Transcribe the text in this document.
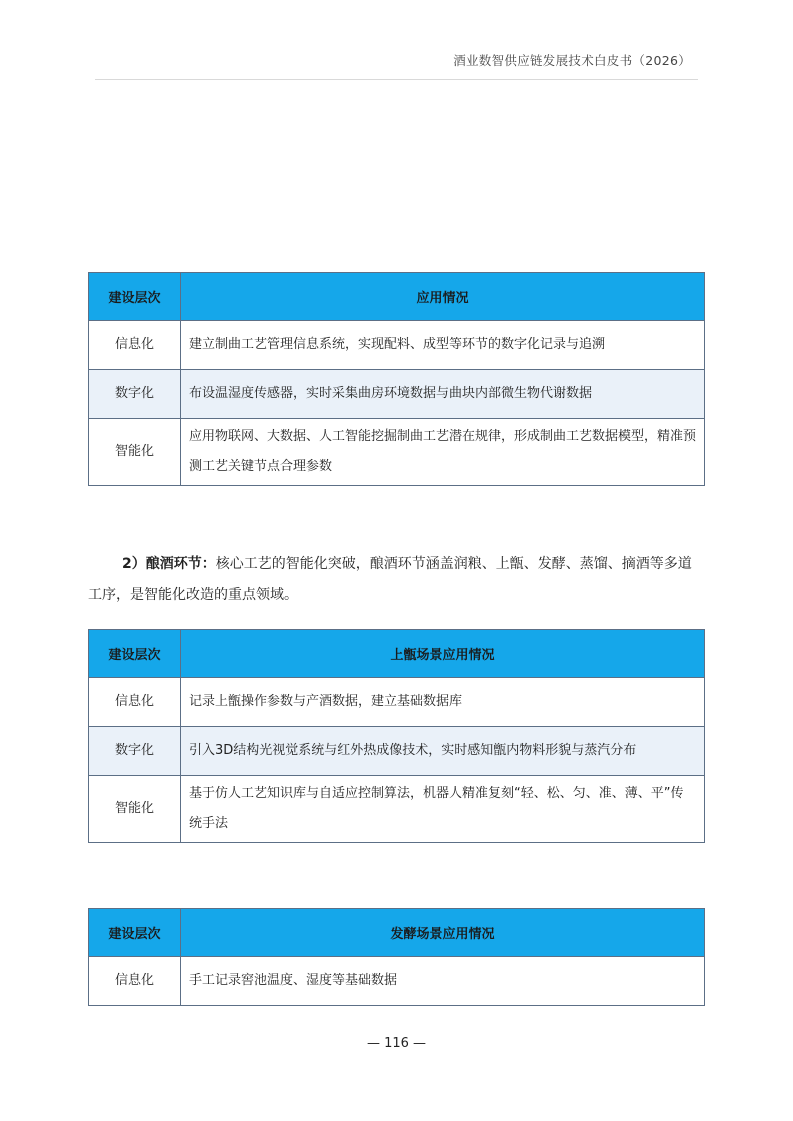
酒业数智供应链发展技术白皮书（2026）
建设层次	应用情况
信息化	建立制曲工艺管理信息系统，实现配料、成型等环节的数字化记录与追溯
数字化	布设温湿度传感器，实时采集曲房环境数据与曲块内部微生物代谢数据
智能化	应用物联网、大数据、人工智能挖掘制曲工艺潜在规律，形成制曲工艺数据模型，精准预测工艺关键节点合理参数

2）酿酒环节：核心工艺的智能化突破，酿酒环节涵盖润粮、上甑、发酵、蒸馏、摘酒等多道工序，是智能化改造的重点领域。

建设层次	上甑场景应用情况
信息化	记录上甑操作参数与产酒数据，建立基础数据库
数字化	引入3D结构光视觉系统与红外热成像技术，实时感知甑内物料形貌与蒸汽分布
智能化	基于仿人工艺知识库与自适应控制算法，机器人精准复刻“轻、松、匀、准、薄、平”传统手法
建设层次	发酵场景应用情况
信息化	手工记录窖池温度、湿度等基础数据
— 116 —
